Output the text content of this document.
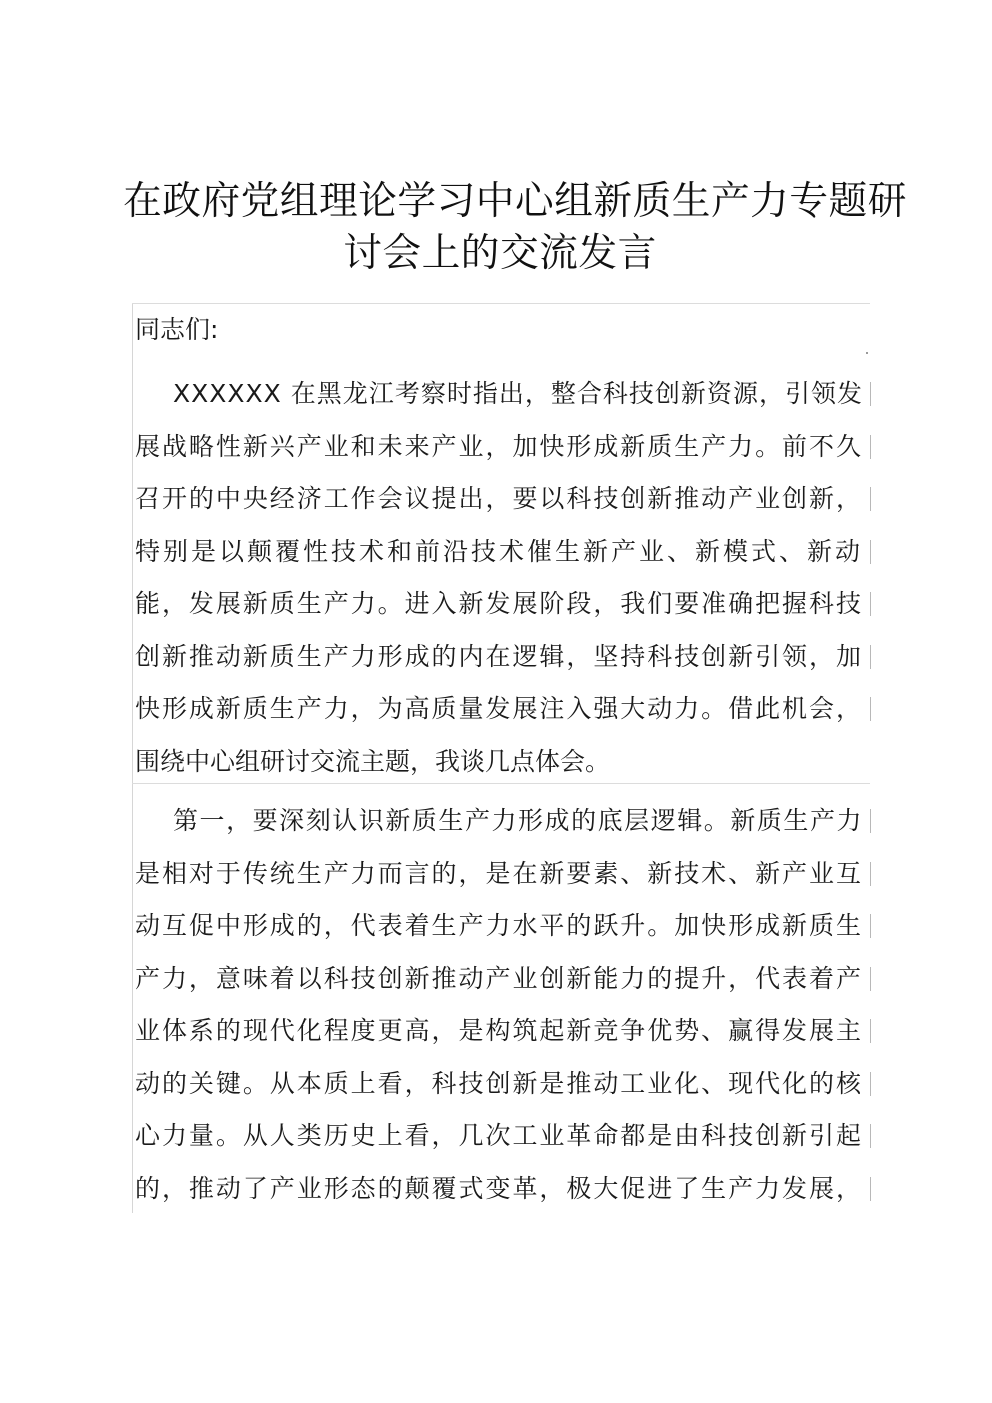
在政府党组理论学习中心组新质生产力专题研 讨会上的交流发言
同志们:
XXXXXX 在黑龙江考察时指出，整合科技创新资源，引领发
展战略性新兴产业和未来产业，加快形成新质生产力。前不久
召开的中央经济工作会议提出，要以科技创新推动产业创新，
特别是以颠覆性技术和前沿技术催生新产业、新模式、新动
能，发展新质生产力。进入新发展阶段，我们要准确把握科技
创新推动新质生产力形成的内在逻辑，坚持科技创新引领，加
快形成新质生产力，为高质量发展注入强大动力。借此机会，
围绕中心组研讨交流主题，我谈几点体会。
第一，要深刻认识新质生产力形成的底层逻辑。新质生产力
是相对于传统生产力而言的，是在新要素、新技术、新产业互
动互促中形成的，代表着生产力水平的跃升。加快形成新质生
产力，意味着以科技创新推动产业创新能力的提升，代表着产
业体系的现代化程度更高，是构筑起新竞争优势、赢得发展主
动的关键。从本质上看，科技创新是推动工业化、现代化的核
心力量。从人类历史上看，几次工业革命都是由科技创新引起
的，推动了产业形态的颠覆式变革，极大促进了生产力发展，
